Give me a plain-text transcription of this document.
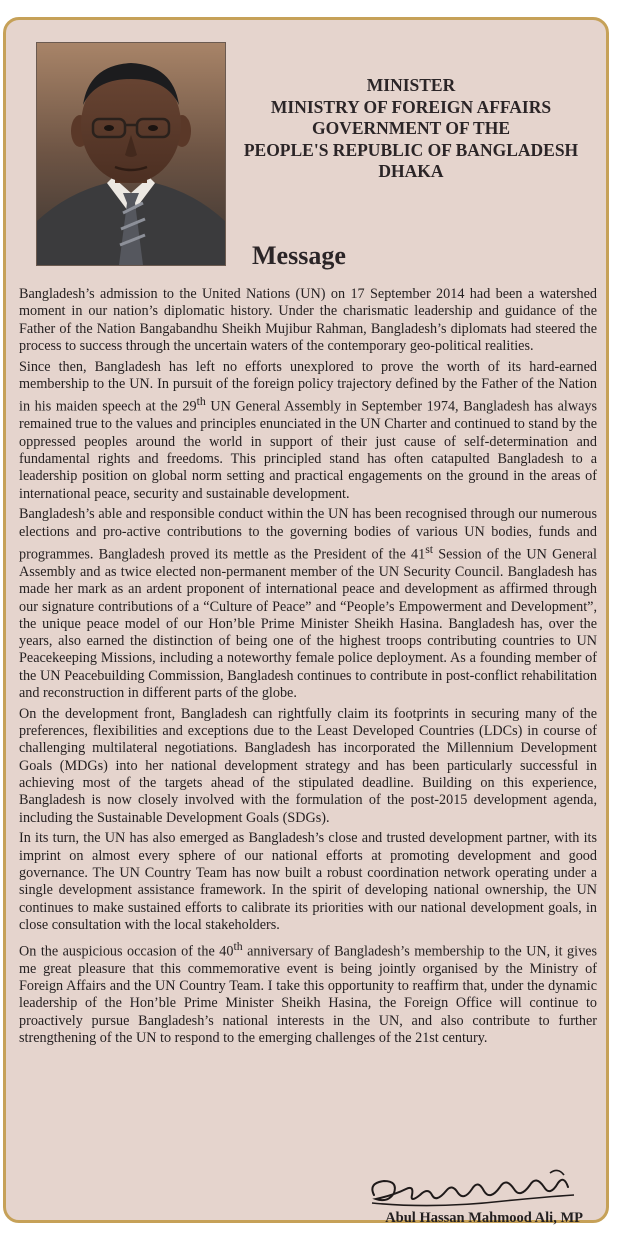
MINISTER
MINISTRY OF FOREIGN AFFAIRS
GOVERNMENT OF THE
PEOPLE'S REPUBLIC OF BANGLADESH
DHAKA
Message

Bangladesh’s admission to the United Nations (UN) on 17 September 2014 had been a watershed moment in our nation’s diplomatic history. Under the charismatic leadership and guidance of the Father of the Nation Bangabandhu Sheikh Mujibur Rahman, Bangladesh’s diplomats had steered the process to success through the uncertain waters of the contemporary geo-political realities.

Since then, Bangladesh has left no efforts unexplored to prove the worth of its hard-earned membership to the UN. In pursuit of the foreign policy trajectory defined by the Father of the Nation in his maiden speech at the 29th UN General Assembly in September 1974, Bangladesh has always remained true to the values and principles enunciated in the UN Charter and continued to stand by the oppressed peoples around the world in support of their just cause of self-determination and fundamental rights and freedoms. This principled stand has often catapulted Bangladesh to a leadership position on global norm setting and practical engagements on the ground in the areas of international peace, security and sustainable development.

Bangladesh’s able and responsible conduct within the UN has been recognised through our numerous elections and pro-active contributions to the governing bodies of various UN bodies, funds and programmes. Bangladesh proved its mettle as the President of the 41st Session of the UN General Assembly and as twice elected non-permanent member of the UN Security Council. Bangladesh has made her mark as an ardent proponent of international peace and development as affirmed through our signature contributions of a “Culture of Peace” and “People’s Empowerment and Development”, the unique peace model of our Hon’ble Prime Minister Sheikh Hasina. Bangladesh has, over the years, also earned the distinction of being one of the highest troops contributing countries to UN Peacekeeping Missions, including a noteworthy female police deployment. As a founding member of the UN Peacebuilding Commission, Bangladesh continues to contribute in post-conflict rehabilitation and reconstruction in different parts of the globe.

On the development front, Bangladesh can rightfully claim its footprints in securing many of the preferences, flexibilities and exceptions due to the Least Developed Countries (LDCs) in course of challenging multilateral negotiations. Bangladesh has incorporated the Millennium Development Goals (MDGs) into her national development strategy and has been particularly successful in achieving most of the targets ahead of the stipulated deadline. Building on this experience, Bangladesh is now closely involved with the formulation of the post-2015 development agenda, including the Sustainable Development Goals (SDGs).

In its turn, the UN has also emerged as Bangladesh’s close and trusted development partner, with its imprint on almost every sphere of our national efforts at promoting development and good governance. The UN Country Team has now built a robust coordination network operating under a single development assistance framework. In the spirit of developing national ownership, the UN continues to make sustained efforts to calibrate its priorities with our national development goals, in close consultation with the local stakeholders.

On the auspicious occasion of the 40th anniversary of Bangladesh’s membership to the UN, it gives me great pleasure that this commemorative event is being jointly organised by the Ministry of Foreign Affairs and the UN Country Team. I take this opportunity to reaffirm that, under the dynamic leadership of the Hon’ble Prime Minister Sheikh Hasina, the Foreign Office will continue to proactively pursue Bangladesh’s national interests in the UN, and also contribute to further strengthening of the UN to respond to the emerging challenges of the 21st century.

Abul Hassan Mahmood Ali, MP
